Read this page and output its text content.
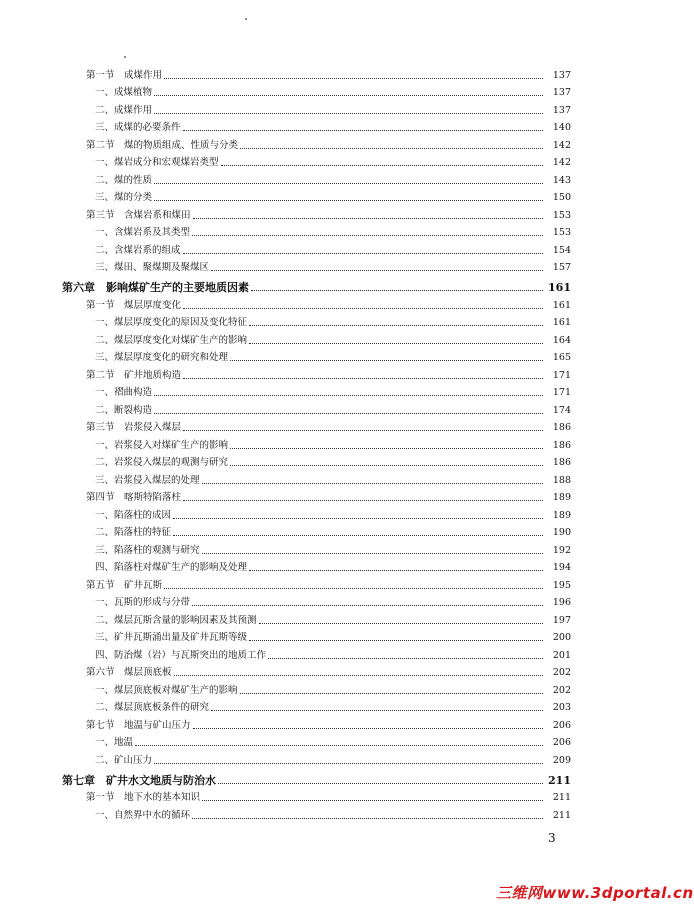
第一节　成煤作用	137
一、成煤植物	137
二、成煤作用	137
三、成煤的必要条件	140
第二节　煤的物质组成、性质与分类	142
一、煤岩成分和宏观煤岩类型	142
二、煤的性质	143
三、煤的分类	150
第三节　含煤岩系和煤田	153
一、含煤岩系及其类型	153
二、含煤岩系的组成	154
三、煤田、聚煤期及聚煤区	157
第六章　影响煤矿生产的主要地质因素	161
第一节　煤层厚度变化	161
一、煤层厚度变化的原因及变化特征	161
二、煤层厚度变化对煤矿生产的影响	164
三、煤层厚度变化的研究和处理	165
第二节　矿井地质构造	171
一、褶曲构造	171
二、断裂构造	174
第三节　岩浆侵入煤层	186
一、岩浆侵入对煤矿生产的影响	186
二、岩浆侵入煤层的观测与研究	186
三、岩浆侵入煤层的处理	188
第四节　喀斯特陷落柱	189
一、陷落柱的成因	189
二、陷落柱的特征	190
三、陷落柱的观测与研究	192
四、陷落柱对煤矿生产的影响及处理	194
第五节　矿井瓦斯	195
一、瓦斯的形成与分带	196
二、煤层瓦斯含量的影响因素及其预测	197
三、矿井瓦斯涌出量及矿井瓦斯等级	200
四、防治煤（岩）与瓦斯突出的地质工作	201
第六节　煤层顶底板	202
一、煤层顶底板对煤矿生产的影响	202
二、煤层顶底板条件的研究	203
第七节　地温与矿山压力	206
一、地温	206
二、矿山压力	209
第七章　矿井水文地质与防治水	211
第一节　地下水的基本知识	211
一、自然界中水的循环	211
3
三维网www.3dportal.cn
